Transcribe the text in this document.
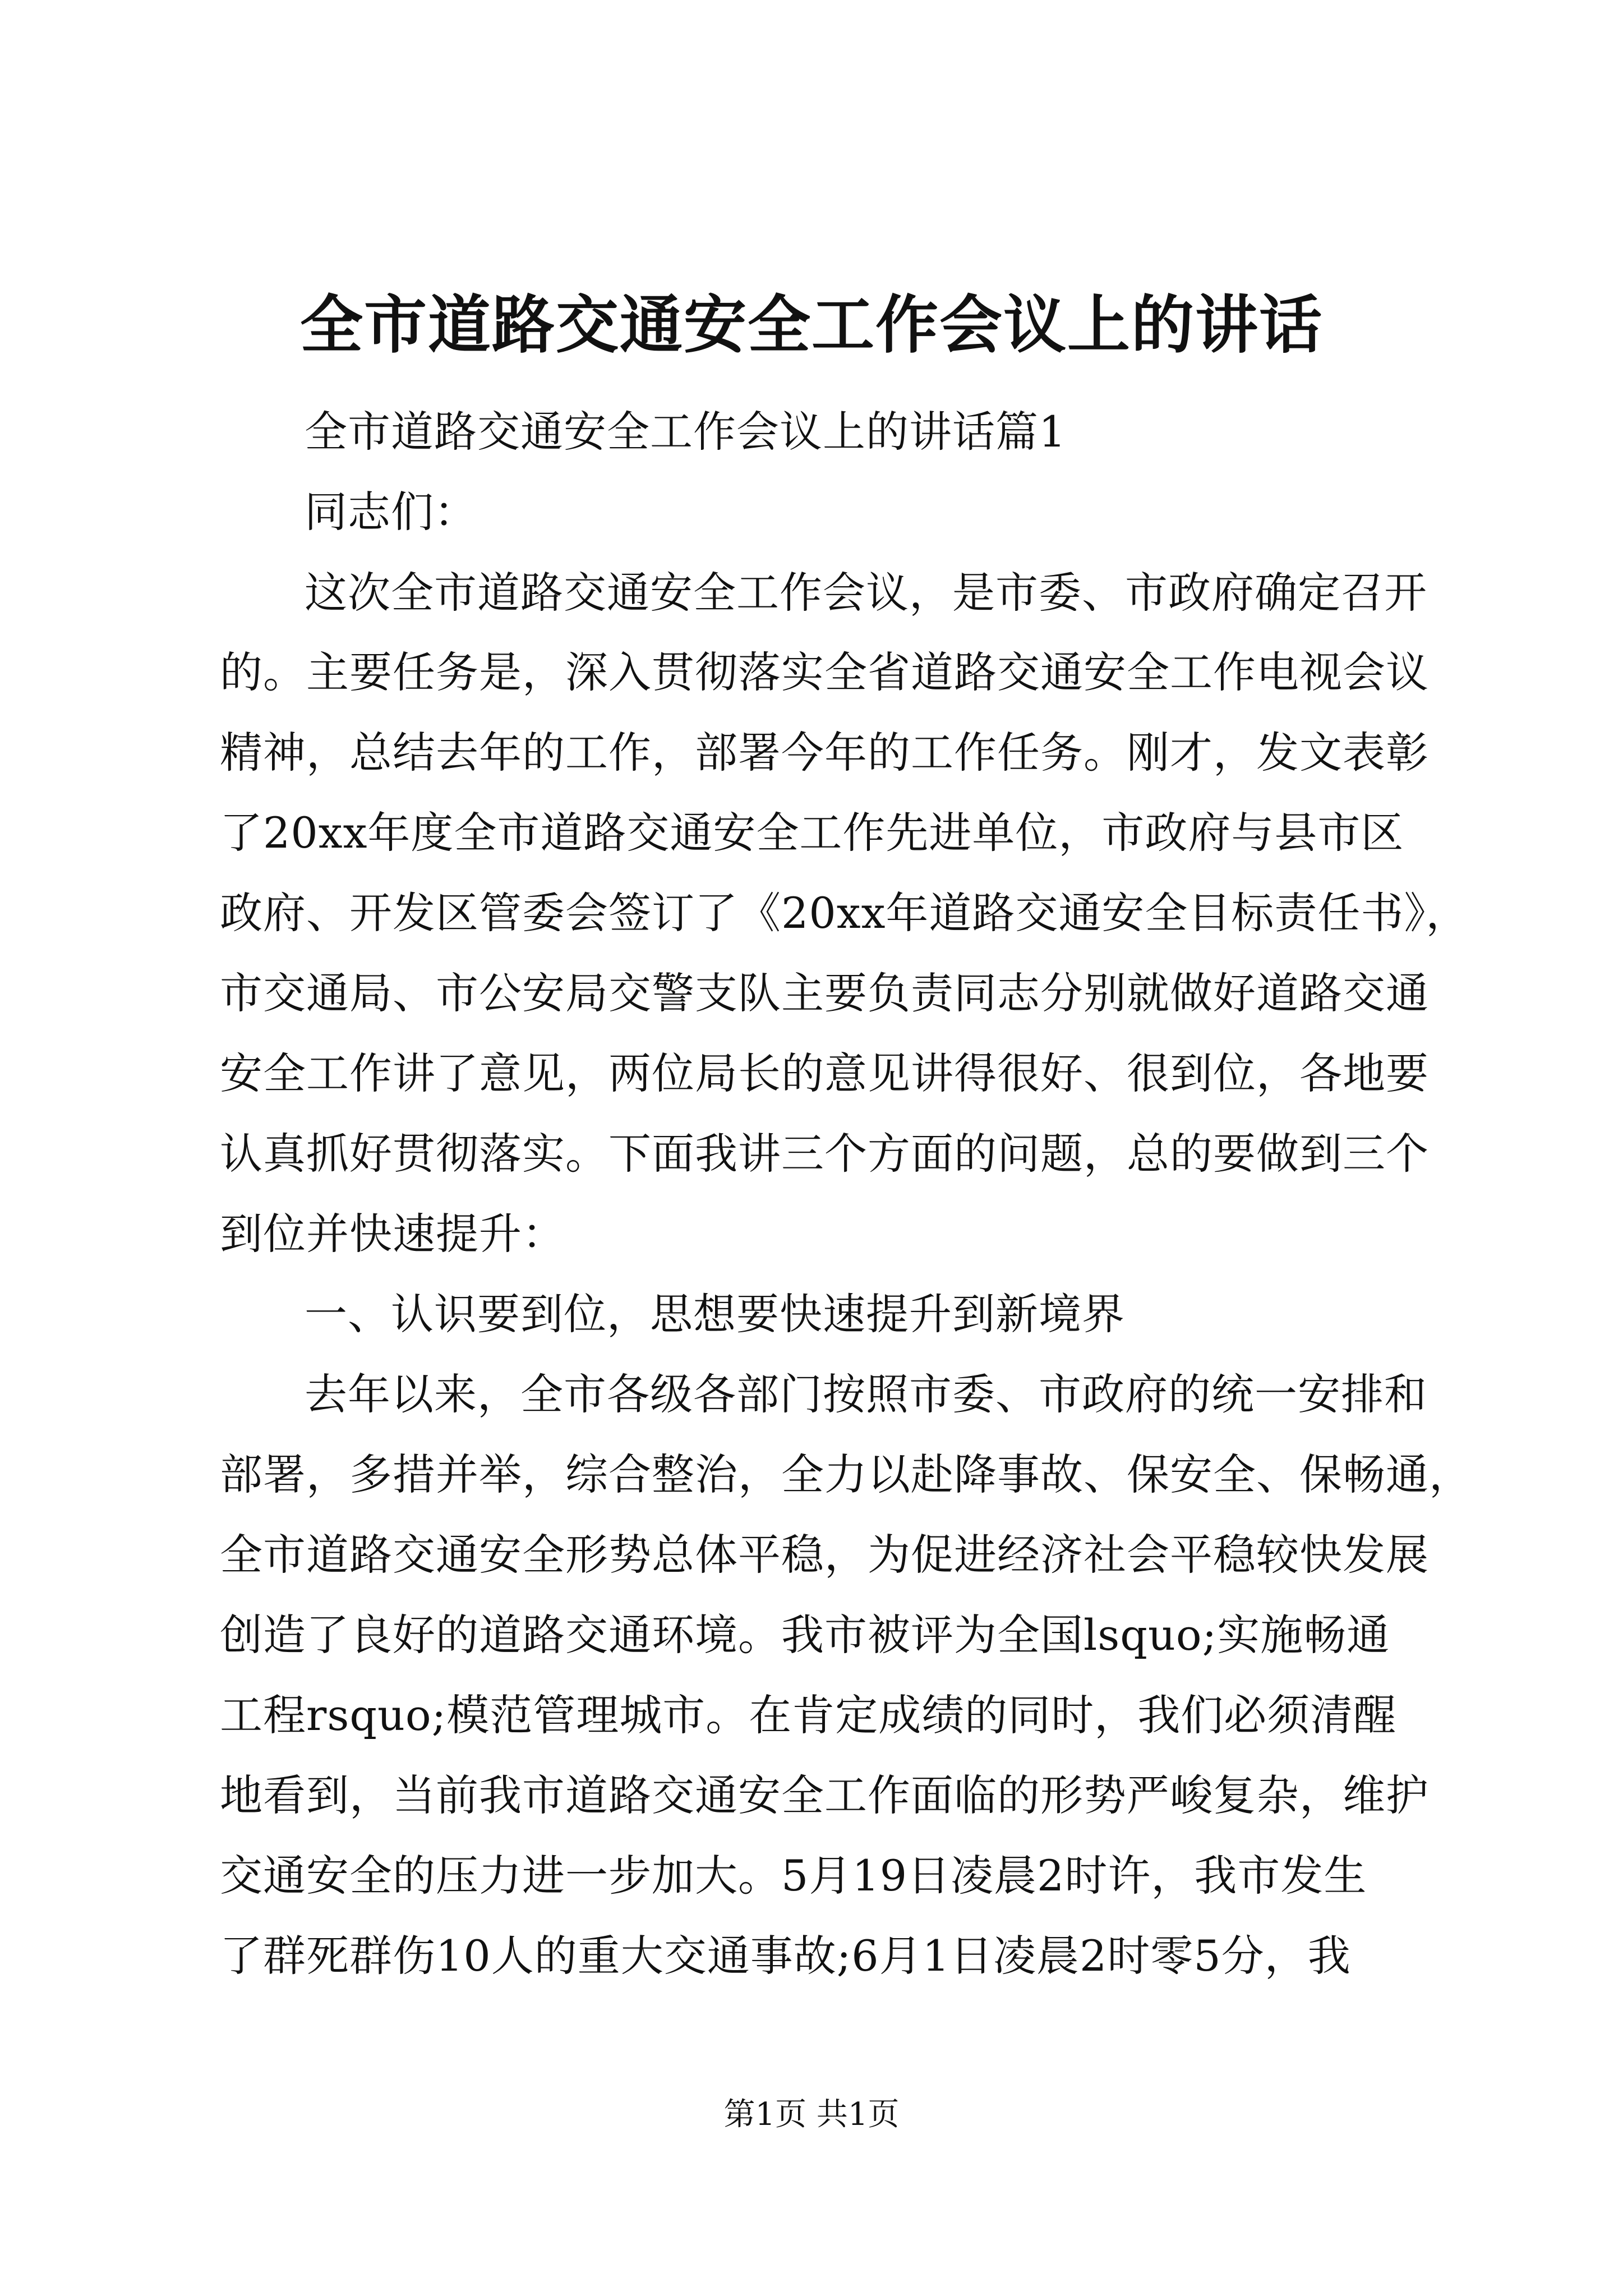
全市道路交通安全工作会议上的讲话

全市道路交通安全工作会议上的讲话篇1

同志们：

这次全市道路交通安全工作会议，是市委、市政府确定召开

的。主要任务是，深入贯彻落实全省道路交通安全工作电视会议

精神，总结去年的工作，部署今年的工作任务。刚才，发文表彰

了20xx年度全市道路交通安全工作先进单位，市政府与县市区

政府、开发区管委会签订了《20xx年道路交通安全目标责任书》，

市交通局、市公安局交警支队主要负责同志分别就做好道路交通

安全工作讲了意见，两位局长的意见讲得很好、很到位，各地要

认真抓好贯彻落实。下面我讲三个方面的问题，总的要做到三个

到位并快速提升：

一、认识要到位，思想要快速提升到新境界

去年以来，全市各级各部门按照市委、市政府的统一安排和

部署，多措并举，综合整治，全力以赴降事故、保安全、保畅通，

全市道路交通安全形势总体平稳，为促进经济社会平稳较快发展

创造了良好的道路交通环境。我市被评为全国lsquo;实施畅通

工程rsquo;模范管理城市。在肯定成绩的同时，我们必须清醒

地看到，当前我市道路交通安全工作面临的形势严峻复杂，维护

交通安全的压力进一步加大。5月19日凌晨2时许，我市发生

了群死群伤10人的重大交通事故;6月1日凌晨2时零5分，我

第1页 共1页
